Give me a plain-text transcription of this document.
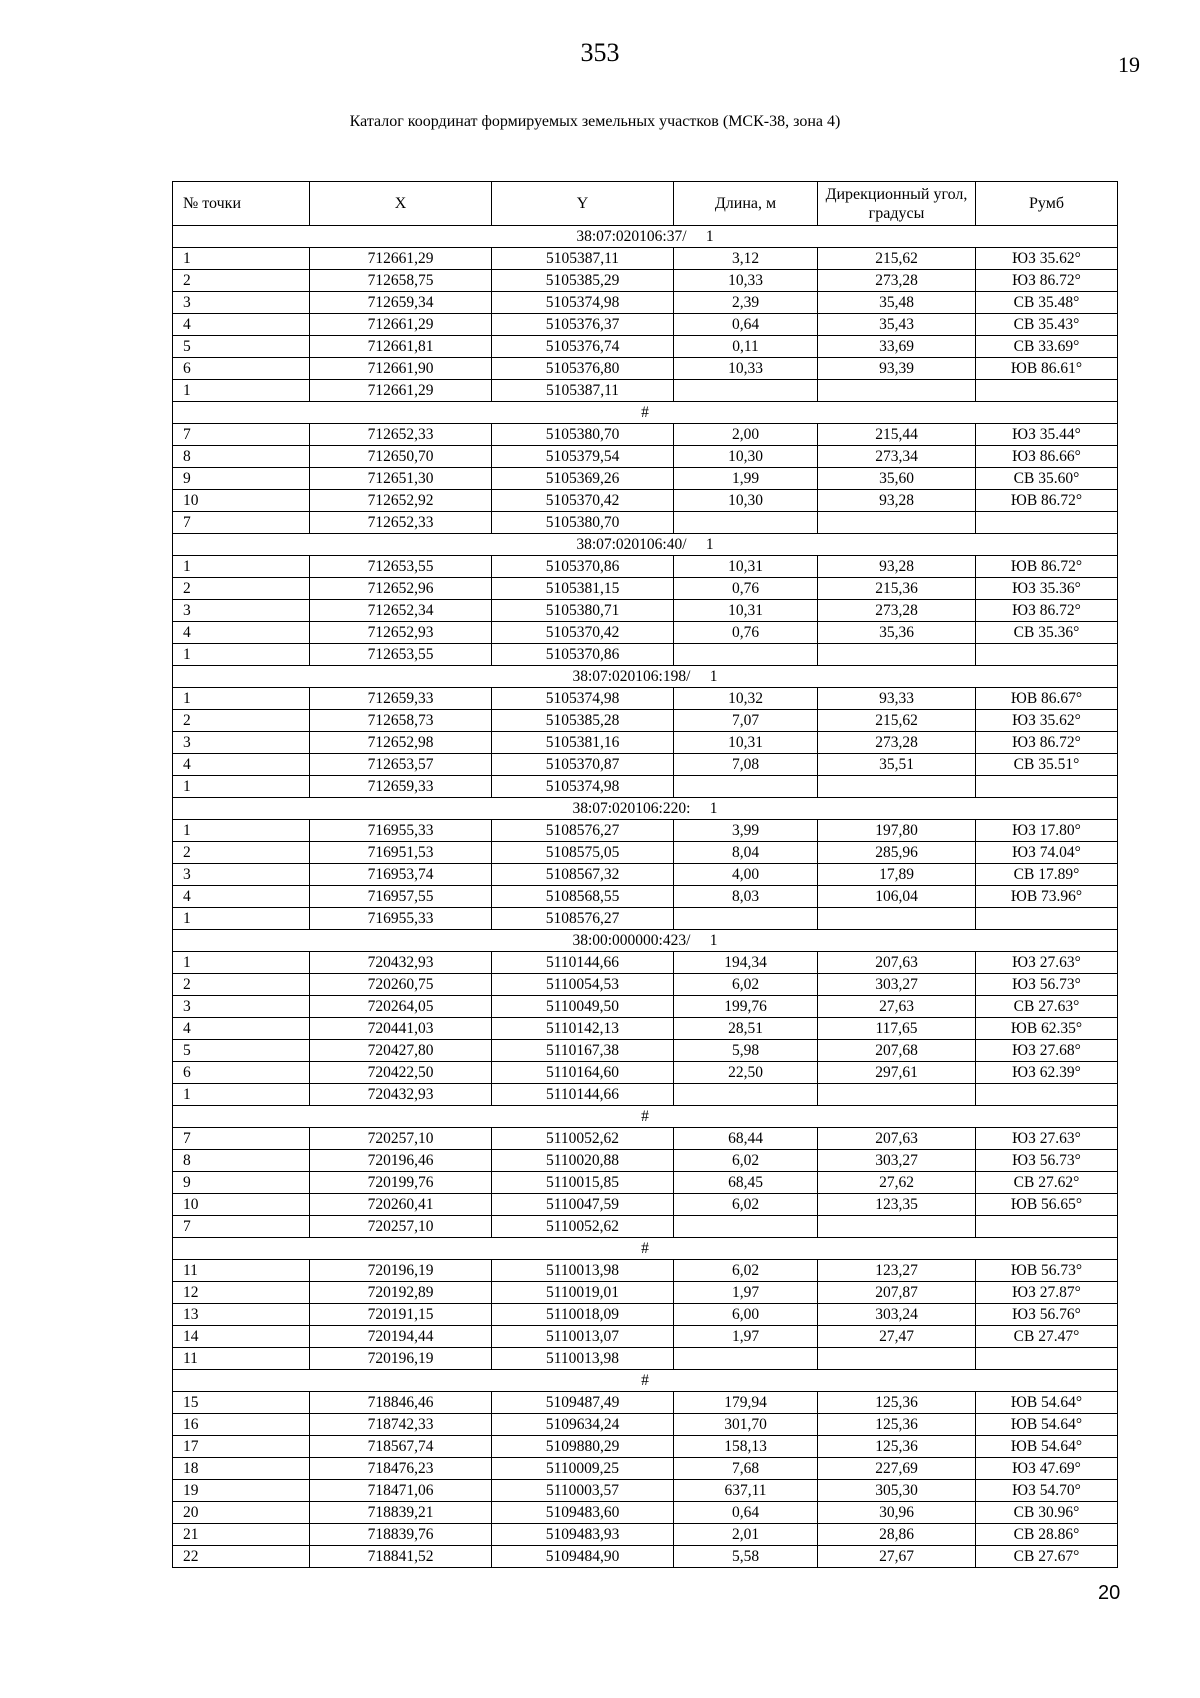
353	19
Каталог координат формируемых земельных участков (МСК-38, зона 4)
№ точки	X	Y	Длина, м	Дирекционный угол, градусы	Румб
38:07:020106:37/     1					
1	712661,29	5105387,11	3,12	215,62	ЮЗ 35.62°
2	712658,75	5105385,29	10,33	273,28	ЮЗ 86.72°
3	712659,34	5105374,98	2,39	35,48	СВ 35.48°
4	712661,29	5105376,37	0,64	35,43	СВ 35.43°
5	712661,81	5105376,74	0,11	33,69	СВ 33.69°
6	712661,90	5105376,80	10,33	93,39	ЮВ 86.61°
1	712661,29	5105387,11			
#					
7	712652,33	5105380,70	2,00	215,44	ЮЗ 35.44°
8	712650,70	5105379,54	10,30	273,34	ЮЗ 86.66°
9	712651,30	5105369,26	1,99	35,60	СВ 35.60°
10	712652,92	5105370,42	10,30	93,28	ЮВ 86.72°
7	712652,33	5105380,70			
38:07:020106:40/     1					
1	712653,55	5105370,86	10,31	93,28	ЮВ 86.72°
2	712652,96	5105381,15	0,76	215,36	ЮЗ 35.36°
3	712652,34	5105380,71	10,31	273,28	ЮЗ 86.72°
4	712652,93	5105370,42	0,76	35,36	СВ 35.36°
1	712653,55	5105370,86			
38:07:020106:198/     1					
1	712659,33	5105374,98	10,32	93,33	ЮВ 86.67°
2	712658,73	5105385,28	7,07	215,62	ЮЗ 35.62°
3	712652,98	5105381,16	10,31	273,28	ЮЗ 86.72°
4	712653,57	5105370,87	7,08	35,51	СВ 35.51°
1	712659,33	5105374,98			
38:07:020106:220:     1					
1	716955,33	5108576,27	3,99	197,80	ЮЗ 17.80°
2	716951,53	5108575,05	8,04	285,96	ЮЗ 74.04°
3	716953,74	5108567,32	4,00	17,89	СВ 17.89°
4	716957,55	5108568,55	8,03	106,04	ЮВ 73.96°
1	716955,33	5108576,27			
38:00:000000:423/     1					
1	720432,93	5110144,66	194,34	207,63	ЮЗ 27.63°
2	720260,75	5110054,53	6,02	303,27	ЮЗ 56.73°
3	720264,05	5110049,50	199,76	27,63	СВ 27.63°
4	720441,03	5110142,13	28,51	117,65	ЮВ 62.35°
5	720427,80	5110167,38	5,98	207,68	ЮЗ 27.68°
6	720422,50	5110164,60	22,50	297,61	ЮЗ 62.39°
1	720432,93	5110144,66			
#					
7	720257,10	5110052,62	68,44	207,63	ЮЗ 27.63°
8	720196,46	5110020,88	6,02	303,27	ЮЗ 56.73°
9	720199,76	5110015,85	68,45	27,62	СВ 27.62°
10	720260,41	5110047,59	6,02	123,35	ЮВ 56.65°
7	720257,10	5110052,62			
#					
11	720196,19	5110013,98	6,02	123,27	ЮВ 56.73°
12	720192,89	5110019,01	1,97	207,87	ЮЗ 27.87°
13	720191,15	5110018,09	6,00	303,24	ЮЗ 56.76°
14	720194,44	5110013,07	1,97	27,47	СВ 27.47°
11	720196,19	5110013,98			
#					
15	718846,46	5109487,49	179,94	125,36	ЮВ 54.64°
16	718742,33	5109634,24	301,70	125,36	ЮВ 54.64°
17	718567,74	5109880,29	158,13	125,36	ЮВ 54.64°
18	718476,23	5110009,25	7,68	227,69	ЮЗ 47.69°
19	718471,06	5110003,57	637,11	305,30	ЮЗ 54.70°
20	718839,21	5109483,60	0,64	30,96	СВ 30.96°
21	718839,76	5109483,93	2,01	28,86	СВ 28.86°
22	718841,52	5109484,90	5,58	27,67	СВ 27.67°
20
